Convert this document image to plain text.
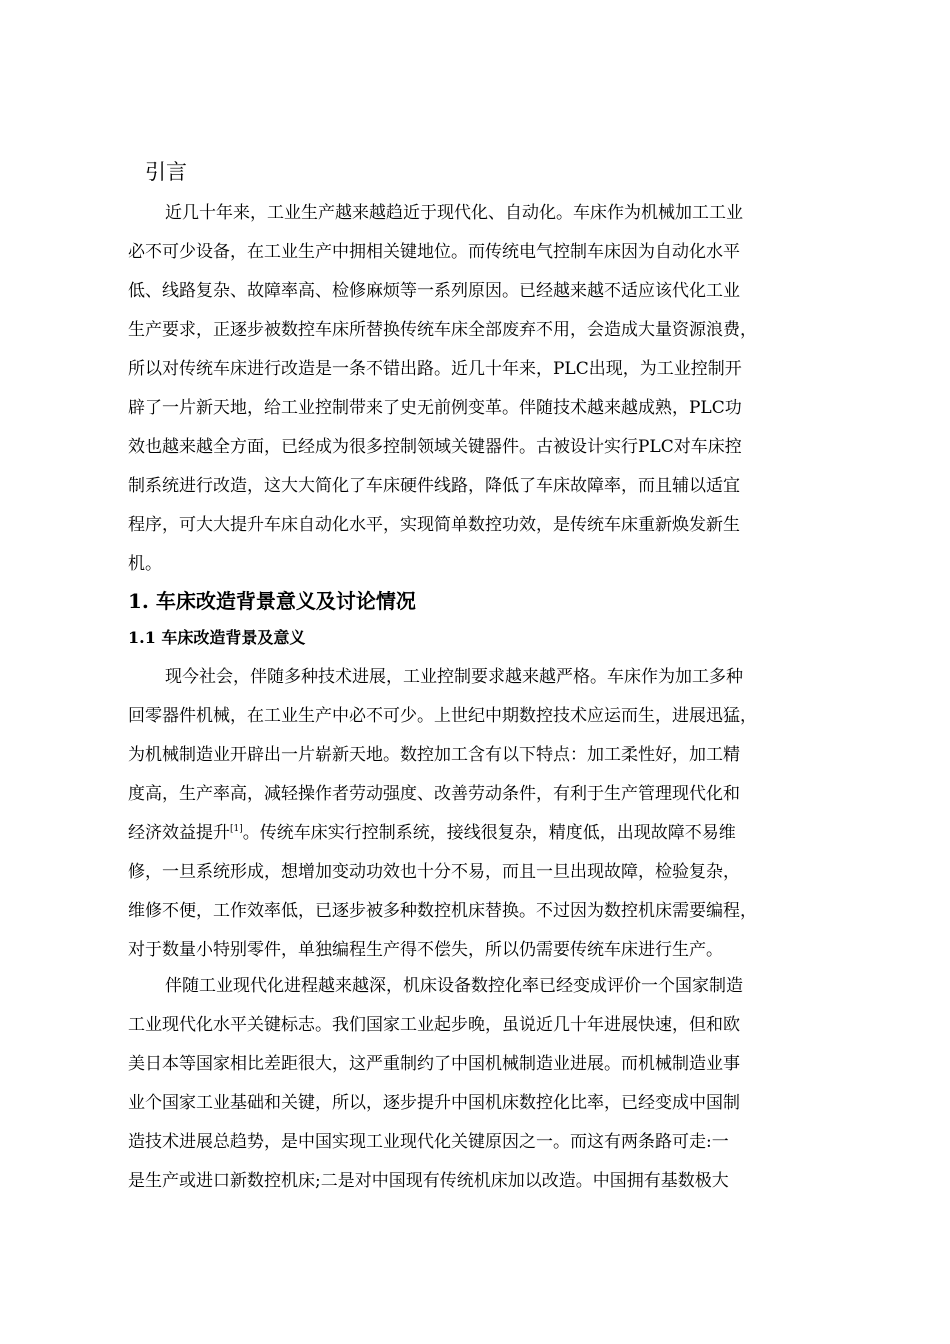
引言
近几十年来，工业生产越来越趋近于现代化、自动化。车床作为机械加工工业
必不可少设备，在工业生产中拥相关键地位。而传统电气控制车床因为自动化水平
低、线路复杂、故障率高、检修麻烦等一系列原因。已经越来越不适应该代化工业
生产要求，正逐步被数控车床所替换传统车床全部废弃不用，会造成大量资源浪费，
所以对传统车床进行改造是一条不错出路。近几十年来，PLC出现，为工业控制开
辟了一片新天地，给工业控制带来了史无前例变革。伴随技术越来越成熟，PLC功
效也越来越全方面，已经成为很多控制领域关键器件。古被设计实行PLC对车床控
制系统进行改造，这大大简化了车床硬件线路，降低了车床故障率，而且辅以适宜
程序，可大大提升车床自动化水平，实现简单数控功效，是传统车床重新焕发新生
机。
1. 车床改造背景意义及讨论情况
1.1 车床改造背景及意义
现今社会，伴随多种技术进展，工业控制要求越来越严格。车床作为加工多种
回零器件机械，在工业生产中必不可少。上世纪中期数控技术应运而生，进展迅猛，
为机械制造业开辟出一片崭新天地。数控加工含有以下特点：加工柔性好，加工精
度高，生产率高，减轻操作者劳动强度、改善劳动条件，有利于生产管理现代化和
经济效益提升[1]。传统车床实行控制系统，接线很复杂，精度低，出现故障不易维
修，一旦系统形成，想增加变动功效也十分不易，而且一旦出现故障，检验复杂，
维修不便，工作效率低，已逐步被多种数控机床替换。不过因为数控机床需要编程，
对于数量小特别零件，单独编程生产得不偿失，所以仍需要传统车床进行生产。
伴随工业现代化进程越来越深，机床设备数控化率已经变成评价一个国家制造
工业现代化水平关键标志。我们国家工业起步晚，虽说近几十年进展快速，但和欧
美日本等国家相比差距很大，这严重制约了中国机械制造业进展。而机械制造业事
业个国家工业基础和关键，所以，逐步提升中国机床数控化比率，已经变成中国制
造技术进展总趋势，是中国实现工业现代化关键原因之一。而这有两条路可走:一
是生产或进口新数控机床;二是对中国现有传统机床加以改造。中国拥有基数极大
